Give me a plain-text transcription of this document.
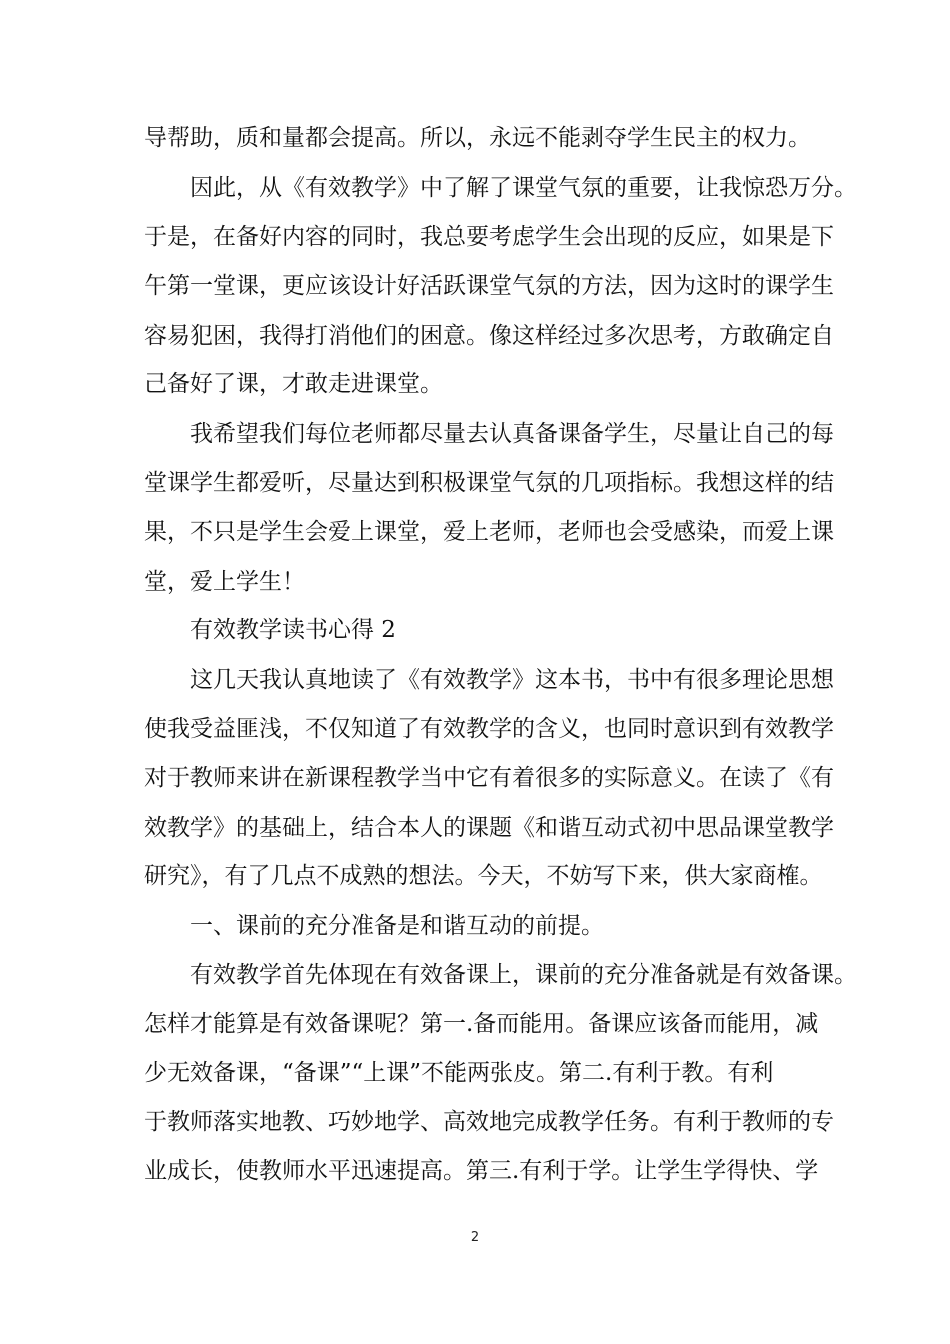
导帮助，质和量都会提高。所以，永远不能剥夺学生民主的权力。
因此，从《有效教学》中了解了课堂气氛的重要，让我惊恐万分。
于是，在备好内容的同时，我总要考虑学生会出现的反应，如果是下
午第一堂课，更应该设计好活跃课堂气氛的方法，因为这时的课学生
容易犯困，我得打消他们的困意。像这样经过多次思考，方敢确定自
己备好了课，才敢走进课堂。
我希望我们每位老师都尽量去认真备课备学生，尽量让自己的每
堂课学生都爱听，尽量达到积极课堂气氛的几项指标。我想这样的结
果，不只是学生会爱上课堂，爱上老师，老师也会受感染，而爱上课
堂，爱上学生！
有效教学读书心得 2
这几天我认真地读了《有效教学》这本书，书中有很多理论思想
使我受益匪浅，不仅知道了有效教学的含义，也同时意识到有效教学
对于教师来讲在新课程教学当中它有着很多的实际意义。在读了《有
效教学》的基础上，结合本人的课题《和谐互动式初中思品课堂教学
研究》，有了几点不成熟的想法。今天，不妨写下来，供大家商榷。
一、课前的充分准备是和谐互动的前提。
有效教学首先体现在有效备课上，课前的充分准备就是有效备课。
怎样才能算是有效备课呢？第一.备而能用。备课应该备而能用，减
少无效备课，“备课”“上课”不能两张皮。第二.有利于教。有利
于教师落实地教、巧妙地学、高效地完成教学任务。有利于教师的专
业成长，使教师水平迅速提高。第三.有利于学。让学生学得快、学
2
